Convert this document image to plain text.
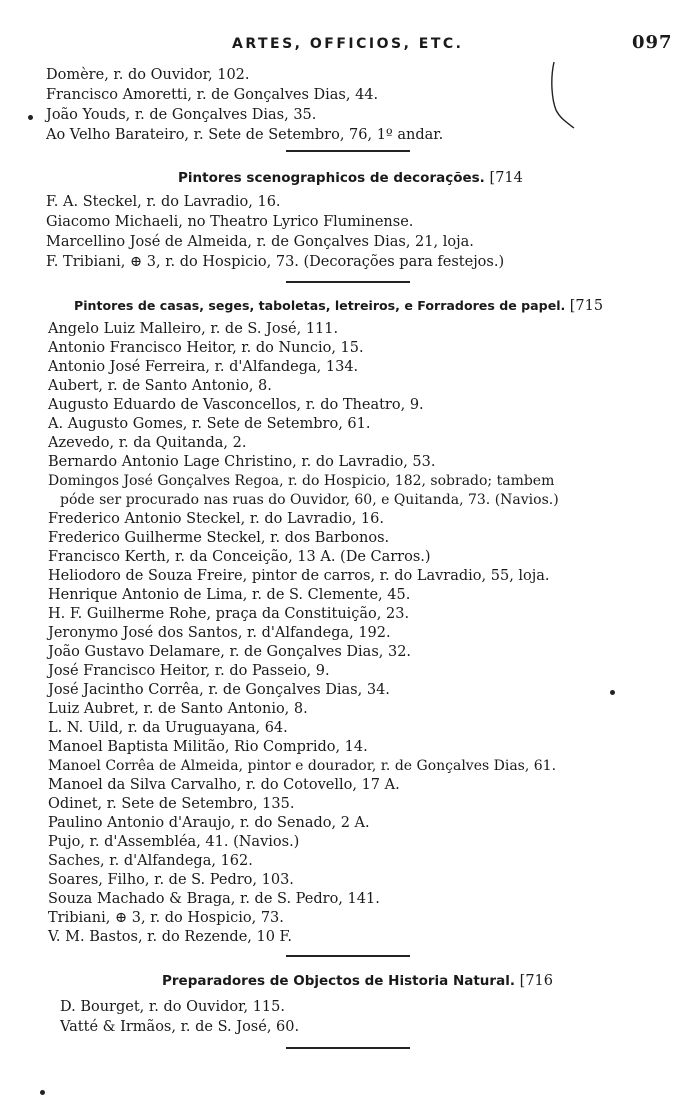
ARTES, OFFICIOS, ETC.	097
Domère, r. do Ouvidor, 102.
Francisco Amoretti, r. de Gonçalves Dias, 44.
João Youds, r. de Gonçalves Dias, 35.
Ao Velho Barateiro, r. Sete de Setembro, 76, 1º andar.
Pintores scenographicos de decorações. [714
F. A. Steckel, r. do Lavradio, 16.
Giacomo Michaeli, no Theatro Lyrico Fluminense.
Marcellino José de Almeida, r. de Gonçalves Dias, 21, loja.
F. Tribiani, ⊕ 3, r. do Hospicio, 73. (Decorações para festejos.)
Pintores de casas, seges, taboletas, letreiros, e Forradores de papel. [715
Angelo Luiz Malleiro, r. de S. José, 111.
Antonio Francisco Heitor, r. do Nuncio, 15.
Antonio José Ferreira, r. d'Alfandega, 134.
Aubert, r. de Santo Antonio, 8.
Augusto Eduardo de Vasconcellos, r. do Theatro, 9.
A. Augusto Gomes, r. Sete de Setembro, 61.
Azevedo, r. da Quitanda, 2.
Bernardo Antonio Lage Christino, r. do Lavradio, 53.
Domingos José Gonçalves Regoa, r. do Hospicio, 182, sobrado; tambem
póde ser procurado nas ruas do Ouvidor, 60, e Quitanda, 73. (Navios.)
Frederico Antonio Steckel, r. do Lavradio, 16.
Frederico Guilherme Steckel, r. dos Barbonos.
Francisco Kerth, r. da Conceição, 13 A. (De Carros.)
Heliodoro de Souza Freire, pintor de carros, r. do Lavradio, 55, loja.
Henrique Antonio de Lima, r. de S. Clemente, 45.
H. F. Guilherme Rohe, praça da Constituição, 23.
Jeronymo José dos Santos, r. d'Alfandega, 192.
João Gustavo Delamare, r. de Gonçalves Dias, 32.
José Francisco Heitor, r. do Passeio, 9.
José Jacintho Corrêa, r. de Gonçalves Dias, 34.
Luiz Aubret, r. de Santo Antonio, 8.
L. N. Uild, r. da Uruguayana, 64.
Manoel Baptista Militão, Rio Comprido, 14.
Manoel Corrêa de Almeida, pintor e dourador, r. de Gonçalves Dias, 61.
Manoel da Silva Carvalho, r. do Cotovello, 17 A.
Odinet, r. Sete de Setembro, 135.
Paulino Antonio d'Araujo, r. do Senado, 2 A.
Pujo, r. d'Assembléa, 41. (Navios.)
Saches, r. d'Alfandega, 162.
Soares, Filho, r. de S. Pedro, 103.
Souza Machado & Braga, r. de S. Pedro, 141.
Tribiani, ⊕ 3, r. do Hospicio, 73.
V. M. Bastos, r. do Rezende, 10 F.
Preparadores de Objectos de Historia Natural. [716
D. Bourget, r. do Ouvidor, 115.
Vatté & Irmãos, r. de S. José, 60.
